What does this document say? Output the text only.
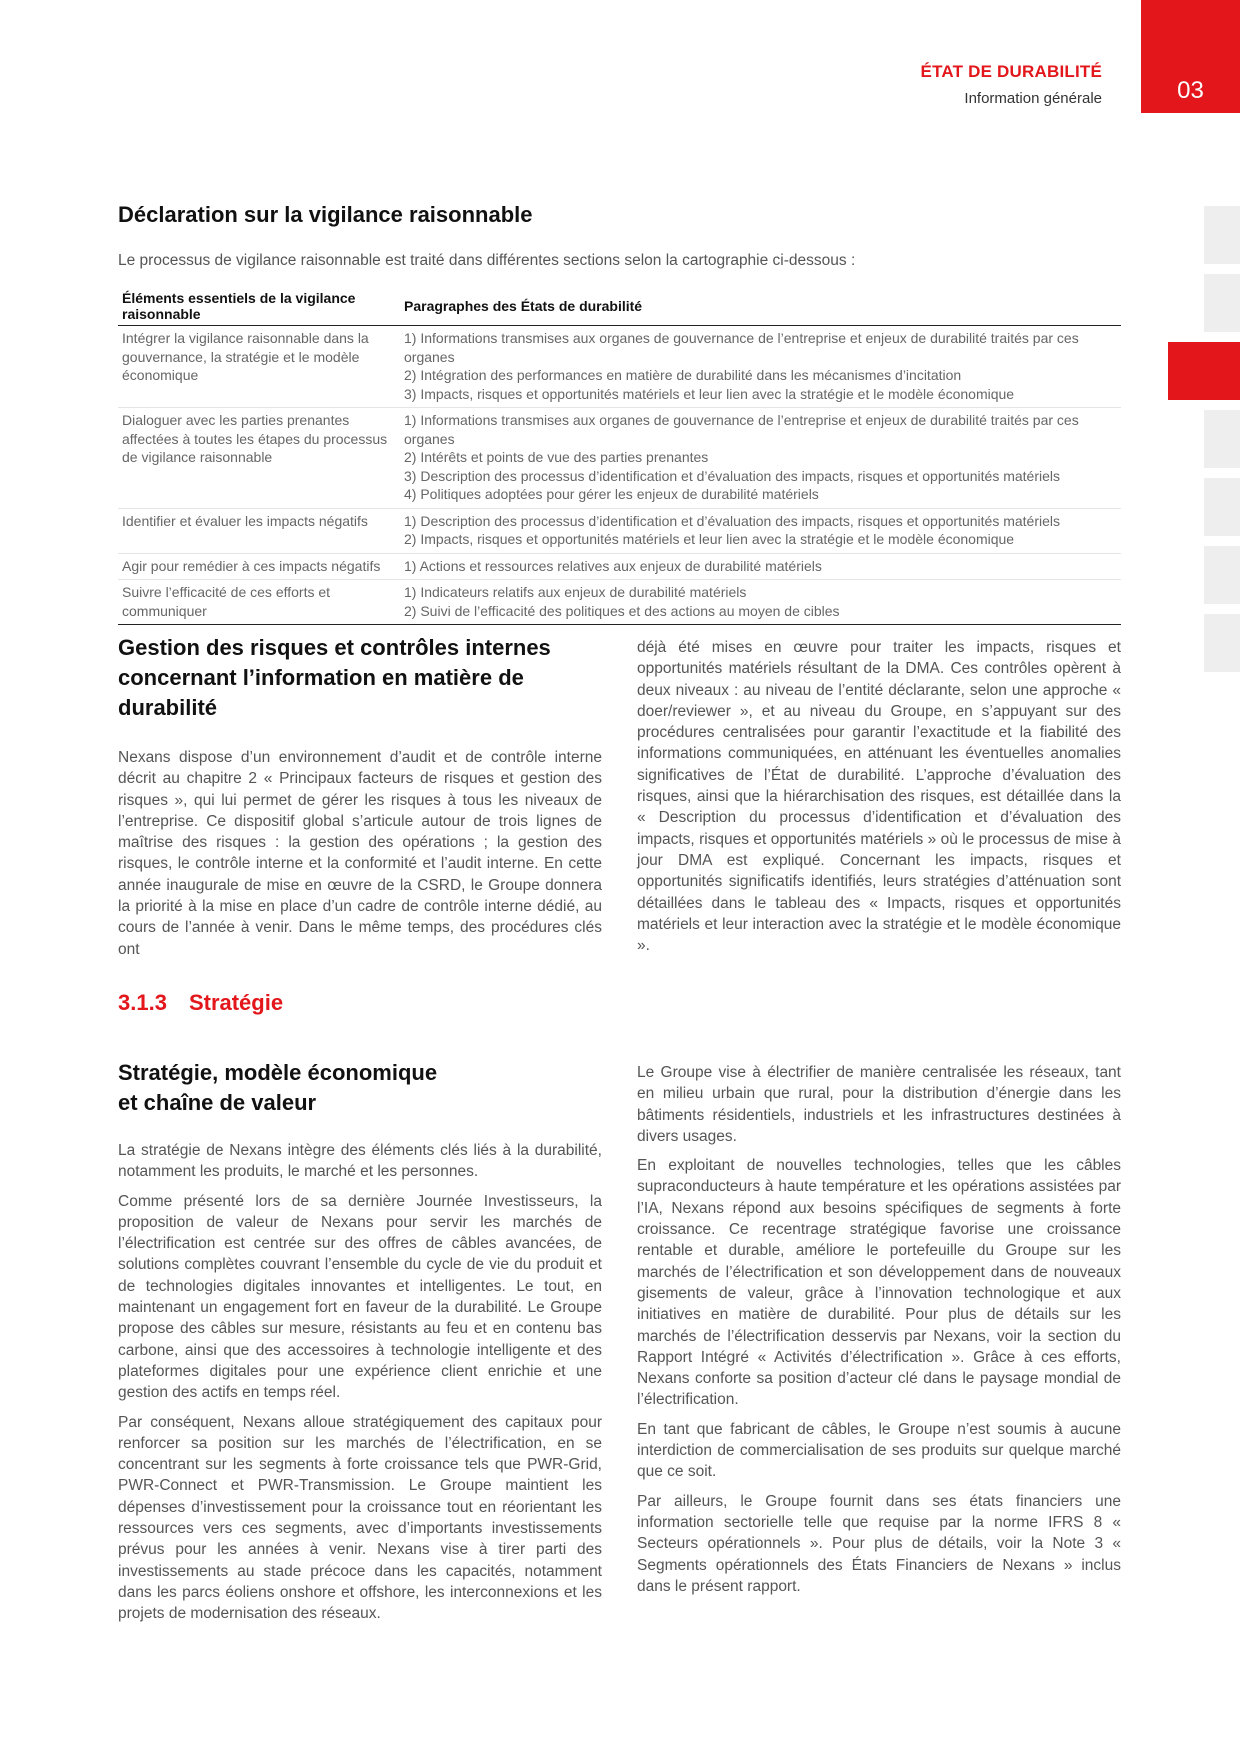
ÉTAT DE DURABILITÉ
Information générale	03
Déclaration sur la vigilance raisonnable
Le processus de vigilance raisonnable est traité dans différentes sections selon la cartographie ci-dessous :
Éléments essentiels de la vigilance raisonnable	Paragraphes des États de durabilité
Intégrer la vigilance raisonnable dans la gouvernance, la stratégie et le modèle économique	1) Informations transmises aux organes de gouvernance de l’entreprise et enjeux de durabilité traités par ces organes
2) Intégration des performances en matière de durabilité dans les mécanismes d’incitation
3) Impacts, risques et opportunités matériels et leur lien avec la stratégie et le modèle économique

Dialoguer avec les parties prenantes affectées à toutes les étapes du processus de vigilance raisonnable	1) Informations transmises aux organes de gouvernance de l’entreprise et enjeux de durabilité traités par ces organes
2) Intérêts et points de vue des parties prenantes
3) Description des processus d’identification et d’évaluation des impacts, risques et opportunités matériels
4) Politiques adoptées pour gérer les enjeux de durabilité matériels

Identifier et évaluer les impacts négatifs	1) Description des processus d’identification et d’évaluation des impacts, risques et opportunités matériels
2) Impacts, risques et opportunités matériels et leur lien avec la stratégie et le modèle économique

Agir pour remédier à ces impacts négatifs	1) Actions et ressources relatives aux enjeux de durabilité matériels

Suivre l’efficacité de ces efforts et communiquer	1) Indicateurs relatifs aux enjeux de durabilité matériels
2) Suivi de l’efficacité des politiques et des actions au moyen de cibles
Gestion des risques et contrôles internes concernant l’information en matière de durabilité

Nexans dispose d’un environnement d’audit et de contrôle interne décrit au chapitre 2 « Principaux facteurs de risques et gestion des risques », qui lui permet de gérer les risques à tous les niveaux de l’entreprise. Ce dispositif global s’articule autour de trois lignes de maîtrise des risques : la gestion des opérations ; la gestion des risques, le contrôle interne et la conformité et l’audit interne. En cette année inaugurale de mise en œuvre de la CSRD, le Groupe donnera la priorité à la mise en place d’un cadre de contrôle interne dédié, au cours de l’année à venir. Dans le même temps, des procédures clés ont

déjà été mises en œuvre pour traiter les impacts, risques et opportunités matériels résultant de la DMA. Ces contrôles opèrent à deux niveaux : au niveau de l’entité déclarante, selon une approche « doer/reviewer », et au niveau du Groupe, en s’appuyant sur des procédures centralisées pour garantir l’exactitude et la fiabilité des informations communiquées, en atténuant les éventuelles anomalies significatives de l’État de durabilité. L’approche d’évaluation des risques, ainsi que la hiérarchisation des risques, est détaillée dans la « Description du processus d’identification et d’évaluation des impacts, risques et opportunités matériels » où le processus de mise à jour DMA est expliqué. Concernant les impacts, risques et opportunités significatifs identifiés, leurs stratégies d’atténuation sont détaillées dans le tableau des « Impacts, risques et opportunités matériels et leur interaction avec la stratégie et le modèle économique ».

3.1.3 Stratégie
Stratégie, modèle économique
et chaîne de valeur

La stratégie de Nexans intègre des éléments clés liés à la durabilité, notamment les produits, le marché et les personnes.

Comme présenté lors de sa dernière Journée Investisseurs, la proposition de valeur de Nexans pour servir les marchés de l’électrification est centrée sur des offres de câbles avancées, de solutions complètes couvrant l’ensemble du cycle de vie du produit et de technologies digitales innovantes et intelligentes. Le tout, en maintenant un engagement fort en faveur de la durabilité. Le Groupe propose des câbles sur mesure, résistants au feu et en contenu bas carbone, ainsi que des accessoires à technologie intelligente et des plateformes digitales pour une expérience client enrichie et une gestion des actifs en temps réel.

Par conséquent, Nexans alloue stratégiquement des capitaux pour renforcer sa position sur les marchés de l’électrification, en se concentrant sur les segments à forte croissance tels que PWR-Grid, PWR-Connect et PWR-Transmission. Le Groupe maintient les dépenses d’investissement pour la croissance tout en réorientant les ressources vers ces segments, avec d’importants investissements prévus pour les années à venir. Nexans vise à tirer parti des investissements au stade précoce dans les capacités, notamment dans les parcs éoliens onshore et offshore, les interconnexions et les projets de modernisation des réseaux.

Le Groupe vise à électrifier de manière centralisée les réseaux, tant en milieu urbain que rural, pour la distribution d’énergie dans les bâtiments résidentiels, industriels et les infrastructures destinées à divers usages.

En exploitant de nouvelles technologies, telles que les câbles supraconducteurs à haute température et les opérations assistées par l’IA, Nexans répond aux besoins spécifiques de segments à forte croissance. Ce recentrage stratégique favorise une croissance rentable et durable, améliore le portefeuille du Groupe sur les marchés de l’électrification et son développement dans de nouveaux gisements de valeur, grâce à l’innovation technologique et aux initiatives en matière de durabilité. Pour plus de détails sur les marchés de l’électrification desservis par Nexans, voir la section du Rapport Intégré « Activités d’électrification ». Grâce à ces efforts, Nexans conforte sa position d’acteur clé dans le paysage mondial de l’électrification.

En tant que fabricant de câbles, le Groupe n’est soumis à aucune interdiction de commercialisation de ses produits sur quelque marché que ce soit.

Par ailleurs, le Groupe fournit dans ses états financiers une information sectorielle telle que requise par la norme IFRS 8 « Secteurs opérationnels ». Pour plus de détails, voir la Note 3 « Segments opérationnels des États Financiers de Nexans » inclus dans le présent rapport.
